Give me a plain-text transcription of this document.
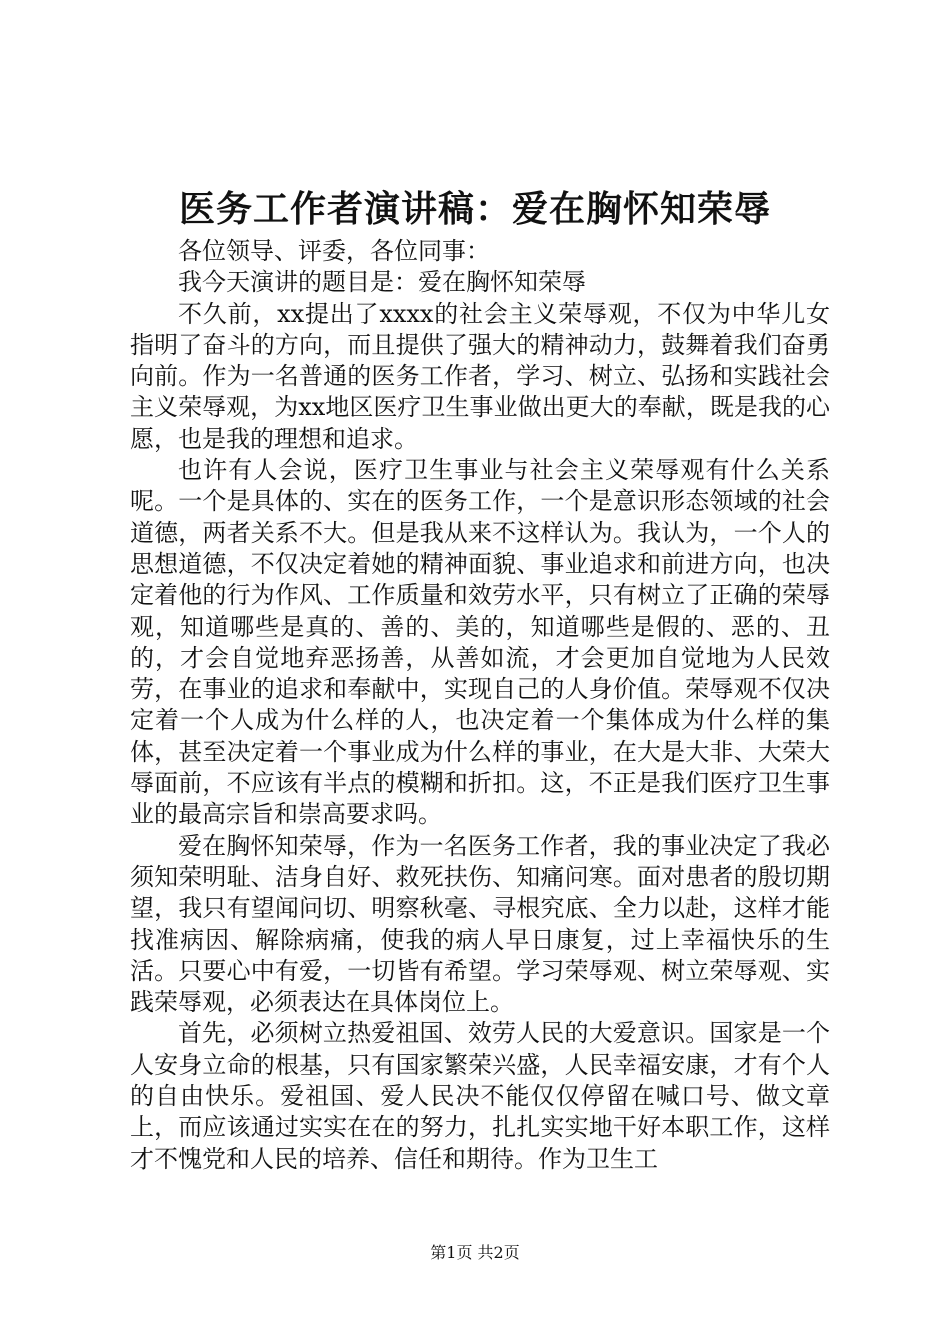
医务工作者演讲稿：爱在胸怀知荣辱

各位领导、评委，各位同事：

我今天演讲的题目是：爱在胸怀知荣辱

不久前，xx提出了xxxx的社会主义荣辱观，不仅为中华儿女指明了奋斗的方向，而且提供了强大的精神动力，鼓舞着我们奋勇向前。作为一名普通的医务工作者，学习、树立、弘扬和实践社会主义荣辱观，为xx地区医疗卫生事业做出更大的奉献，既是我的心愿，也是我的理想和追求。

也许有人会说，医疗卫生事业与社会主义荣辱观有什么关系呢。一个是具体的、实在的医务工作，一个是意识形态领域的社会道德，两者关系不大。但是我从来不这样认为。我认为，一个人的思想道德，不仅决定着她的精神面貌、事业追求和前进方向，也决定着他的行为作风、工作质量和效劳水平，只有树立了正确的荣辱观，知道哪些是真的、善的、美的，知道哪些是假的、恶的、丑的，才会自觉地弃恶扬善，从善如流，才会更加自觉地为人民效劳，在事业的追求和奉献中，实现自己的人身价值。荣辱观不仅决定着一个人成为什么样的人，也决定着一个集体成为什么样的集体，甚至决定着一个事业成为什么样的事业，在大是大非、大荣大辱面前，不应该有半点的模糊和折扣。这，不正是我们医疗卫生事业的最高宗旨和崇高要求吗。

爱在胸怀知荣辱，作为一名医务工作者，我的事业决定了我必须知荣明耻、洁身自好、救死扶伤、知痛问寒。面对患者的殷切期望，我只有望闻问切、明察秋毫、寻根究底、全力以赴，这样才能找准病因、解除病痛，使我的病人早日康复，过上幸福快乐的生活。只要心中有爱，一切皆有希望。学习荣辱观、树立荣辱观、实践荣辱观，必须表达在具体岗位上。

首先，必须树立热爱祖国、效劳人民的大爱意识。国家是一个人安身立命的根基，只有国家繁荣兴盛，人民幸福安康，才有个人的自由快乐。爱祖国、爱人民决不能仅仅停留在喊口号、做文章上，而应该通过实实在在的努力，扎扎实实地干好本职工作，这样才不愧党和人民的培养、信任和期待。作为卫生工

第1页 共2页
